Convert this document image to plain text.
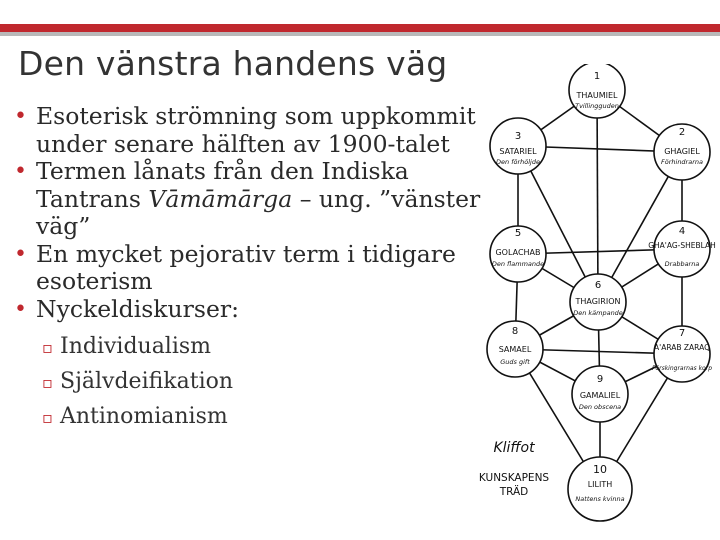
Den vänstra handens väg
• Esoterisk strömning som uppkommit under senare hälften av 1900-talet
• Termen lånats från den Indiska Tantrans Vāmāmārga – ung. ”vänster väg”
• En mycket pejorativ term i tidigare esoterism
• Nyckeldiskurser:
▫ Individualism
▫ Självdeifikation
▫ Antinomianism
1
THAUMIEL
Tvillingguden
2
GHAGIEL
Förhindrarna
3
SATARIEL
Den förhöljde
4
GHA'AG-SHEBLAH
Drabbarna
5
GOLACHAB
Den flammande
6
THAGIRION
Den kämpande
7
A'ARAB ZARAQ
Förskingrarnas korp
8
SAMAEL
Guds gift
9
GAMALIEL
Den obscena
10
LILITH
Nattens kvinna
Kliffot
KUNSKAPENS
TRÄD
